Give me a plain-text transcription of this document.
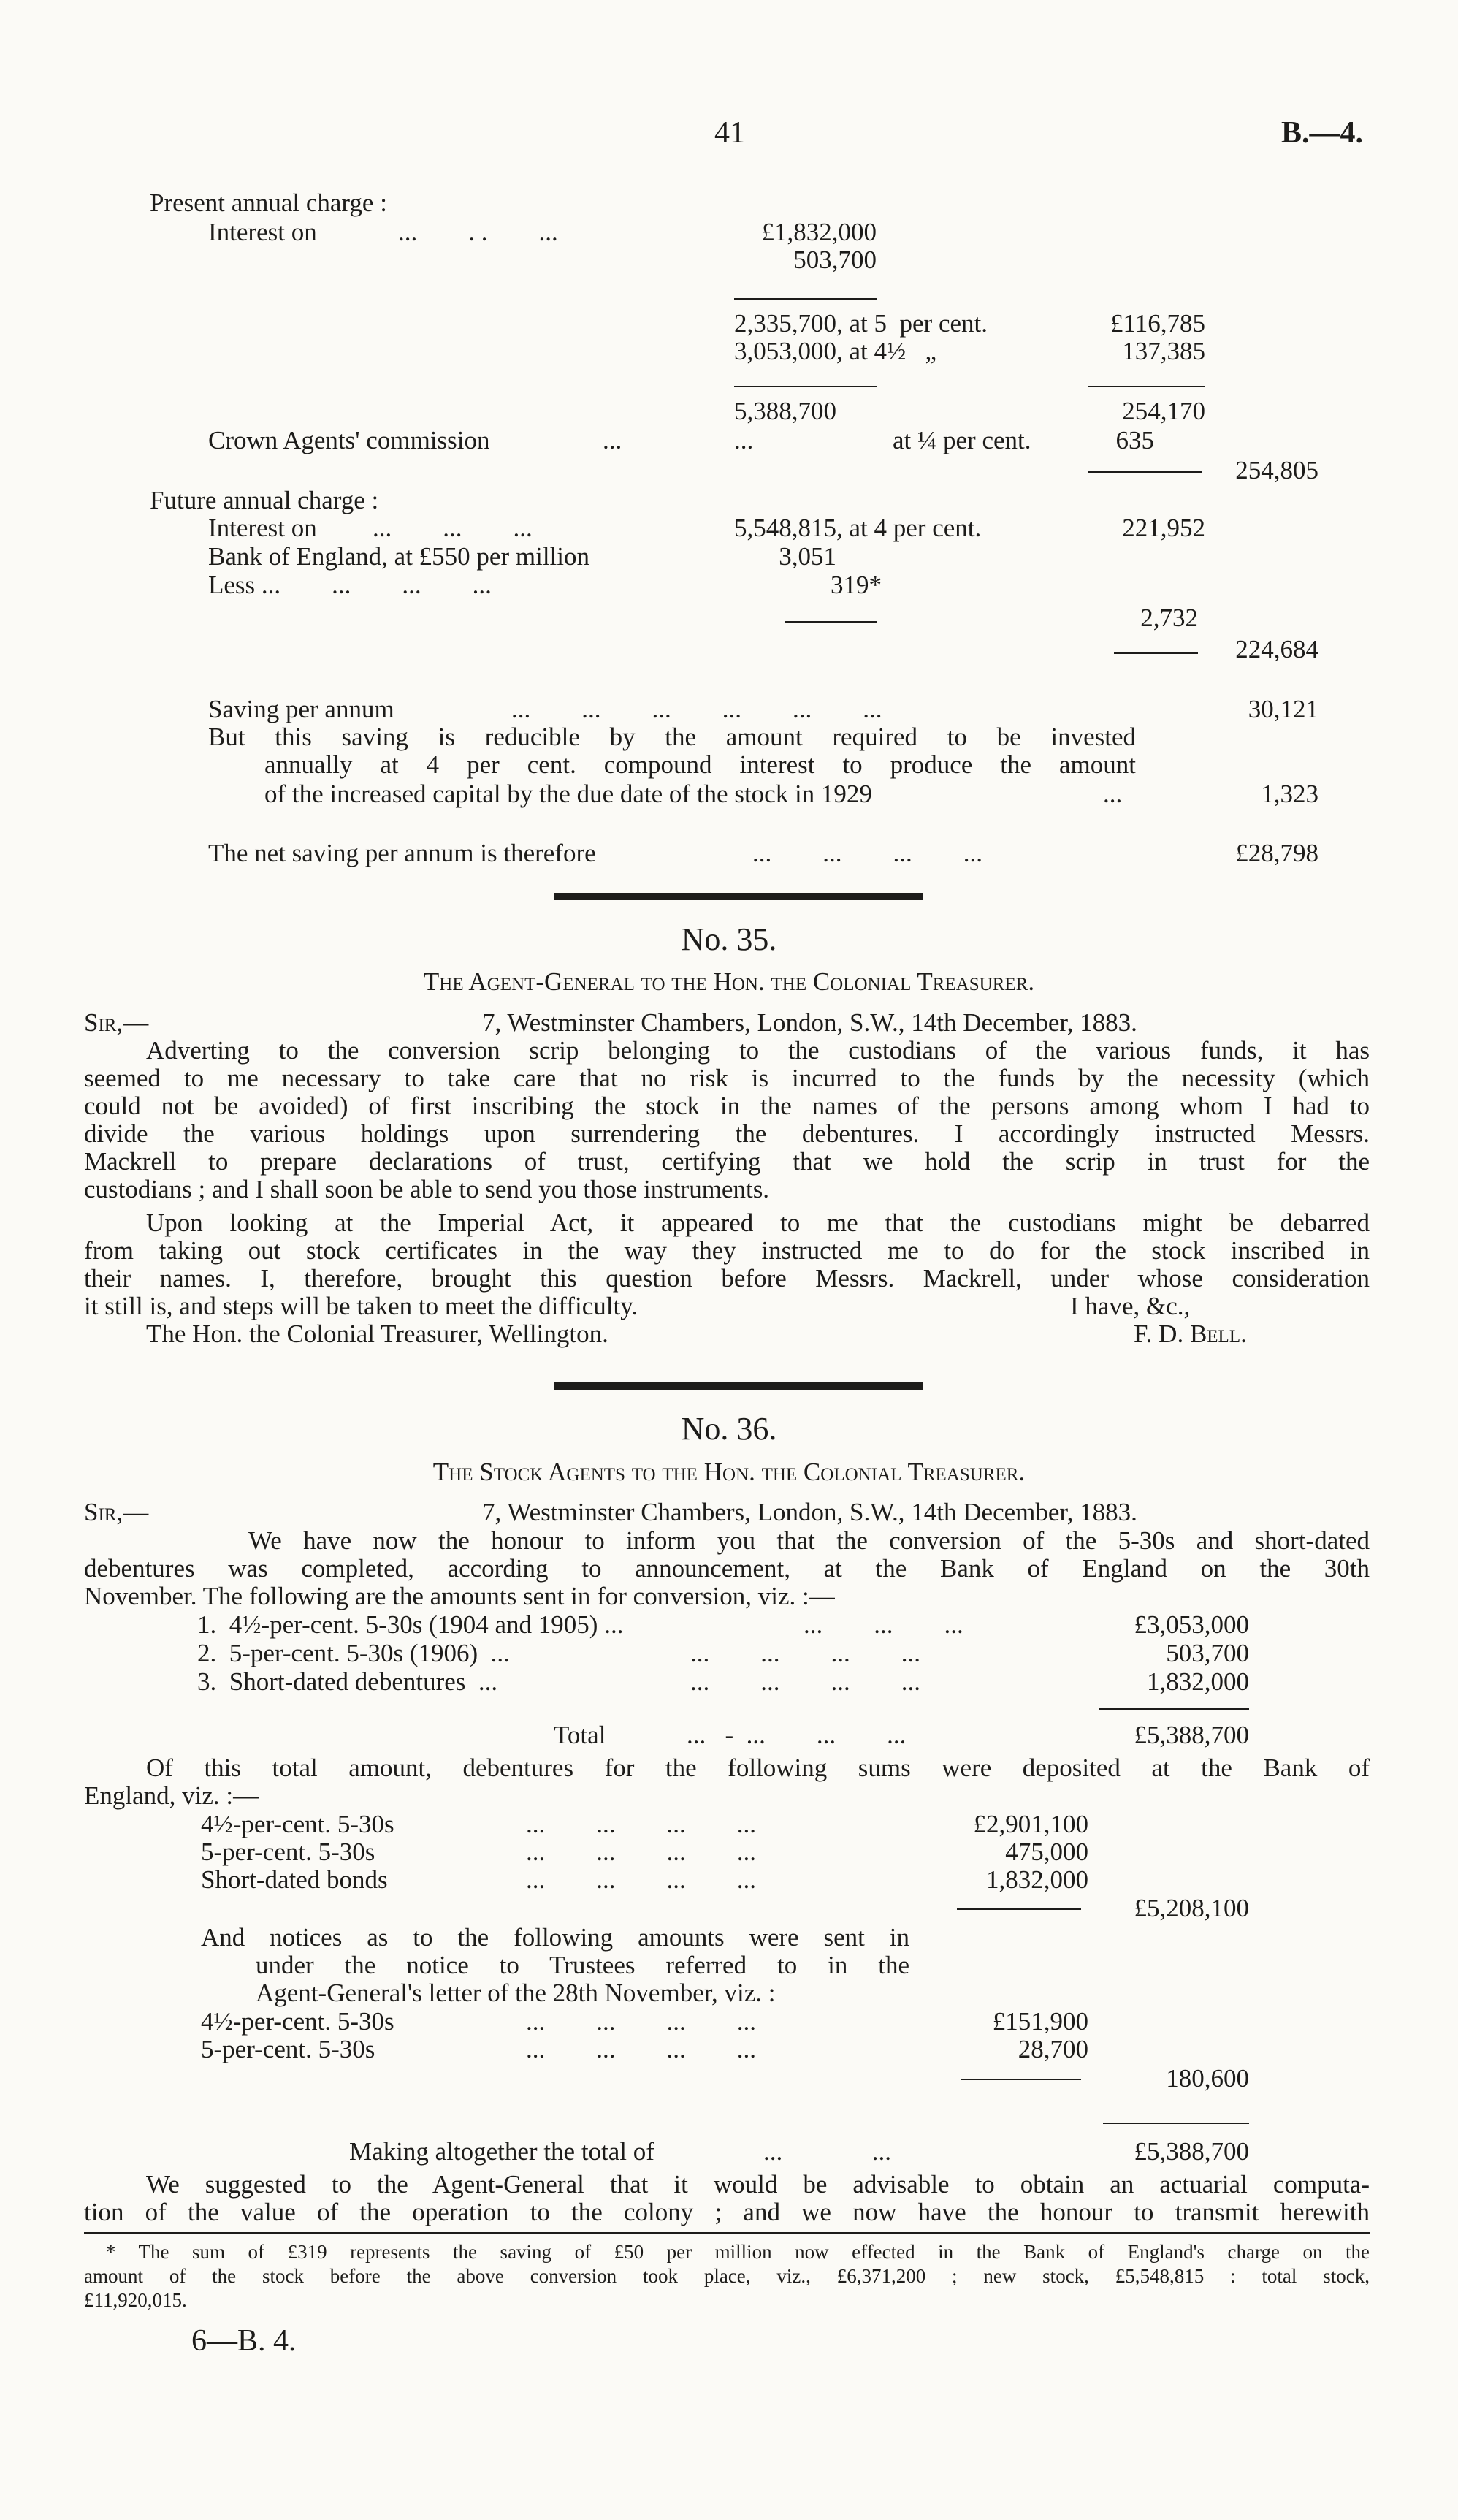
41	B.—4.
Present annual charge :
Interest on	...        . .        ...	£1,832,000
503,700
2,335,700, at 5  per cent.	£116,785
3,053,000, at 4½   „	137,385
5,388,700	254,170
Crown Agents' commission	...	...	at ¼ per cent.	635
254,805
Future annual charge :
Interest on ...        ...        ...	5,548,815, at 4 per cent.	221,952
Bank of England, at £550 per million	3,051
Less ...        ...        ...        ...	319*
2,732
224,684
Saving per annum	...        ...        ...        ...        ...        ...	30,121
But this saving is reducible by the amount required to be invested
annually at 4 per cent. compound interest to produce the amount
of the increased capital by the due date of the stock in 1929	...	1,323
The net saving per annum is therefore	...        ...        ...        ...	£28,798
No. 35.
The Agent-General to the Hon. the Colonial Treasurer.
Sir,—	7, Westminster Chambers, London, S.W., 14th December, 1883.
Adverting to the conversion scrip belonging to the custodians of the various funds, it has
seemed to me necessary to take care that no risk is incurred to the funds by the necessity (which
could not be avoided) of first inscribing the stock in the names of the persons among whom I had to
divide the various holdings upon surrendering the debentures. I accordingly instructed Messrs.
Mackrell to prepare declarations of trust, certifying that we hold the scrip in trust for the
custodians ; and I shall soon be able to send you those instruments.
Upon looking at the Imperial Act, it appeared to me that the custodians might be debarred
from taking out stock certificates in the way they instructed me to do for the stock inscribed in
their names. I, therefore, brought this question before Messrs. Mackrell, under whose consideration
it still is, and steps will be taken to meet the difficulty.	I have, &c.,
The Hon. the Colonial Treasurer, Wellington.	F. D. Bell.
No. 36.
The Stock Agents to the Hon. the Colonial Treasurer.
Sir,—	7, Westminster Chambers, London, S.W., 14th December, 1883.
We have now the honour to inform you that the conversion of the 5-30s and short-dated
debentures was completed, according to announcement, at the Bank of England on the 30th
November. The following are the amounts sent in for conversion, viz. :—
1.  4½-per-cent. 5-30s (1904 and 1905) ...	...        ...        ...	£3,053,000
2.  5-per-cent. 5-30s (1906)  ...	...        ...        ...        ...	503,700
3.  Short-dated debentures  ...	...        ...        ...        ...	1,832,000
Total	...   -  ...        ...        ...	£5,388,700
Of this total amount, debentures for the following sums were deposited at the Bank of
England, viz. :—
4½-per-cent. 5-30s	...        ...        ...        ...	£2,901,100
5-per-cent. 5-30s	...        ...        ...        ...	475,000
Short-dated bonds	...        ...        ...        ...	1,832,000
£5,208,100
And notices as to the following amounts were sent in
under the notice to Trustees referred to in the
Agent-General's letter of the 28th November, viz. :
4½-per-cent. 5-30s	...        ...        ...        ...	£151,900
5-per-cent. 5-30s	...        ...        ...        ...	28,700
180,600
Making altogether the total of	...              ...	£5,388,700
We suggested to the Agent-General that it would be advisable to obtain an actuarial computa-
tion of the value of the operation to the colony ; and we now have the honour to transmit herewith
* The sum of £319 represents the saving of £50 per million now effected in the Bank of England's charge on the
amount of the stock before the above conversion took place, viz., £6,371,200 ; new stock, £5,548,815 : total stock,
£11,920,015.
6—B. 4.
